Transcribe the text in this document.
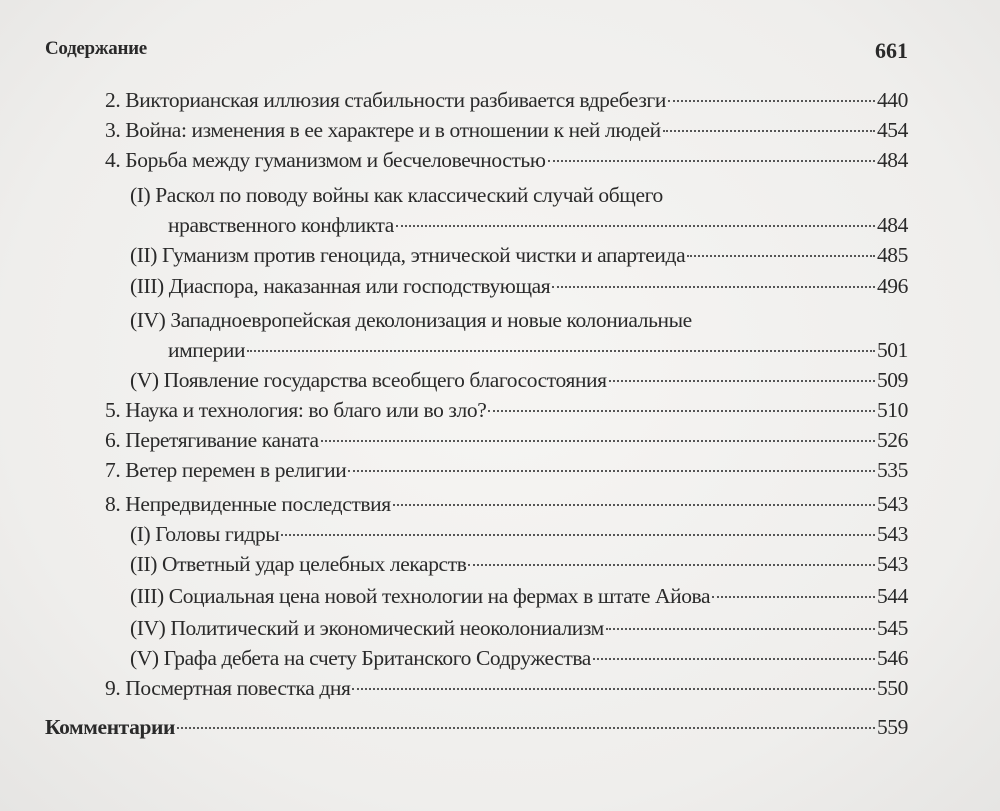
Содержание	661
2. Викторианская иллюзия стабильности разбивается вдребезги	440
3. Война: изменения в ее характере и в отношении к ней людей	454
4. Борьба между гуманизмом и бесчеловечностью	484
(I) Раскол по поводу войны как классический случай общего
нравственного конфликта	484
(II) Гуманизм против геноцида, этнической чистки и апартеида	485
(III) Диаспора, наказанная или господствующая	496
(IV) Западноевропейская деколонизация и новые колониальные
империи	501
(V) Появление государства всеобщего благосостояния	509
5. Наука и технология: во благо или во зло?	510
6. Перетягивание каната	526
7. Ветер перемен в религии	535
8. Непредвиденные последствия	543
(I) Головы гидры	543
(II) Ответный удар целебных лекарств	543
(III) Социальная цена новой технологии на фермах в штате Айова	544
(IV) Политический и экономический неоколониализм	545
(V) Графа дебета на счету Британского Содружества	546
9. Посмертная повестка дня	550
Комментарии	559
